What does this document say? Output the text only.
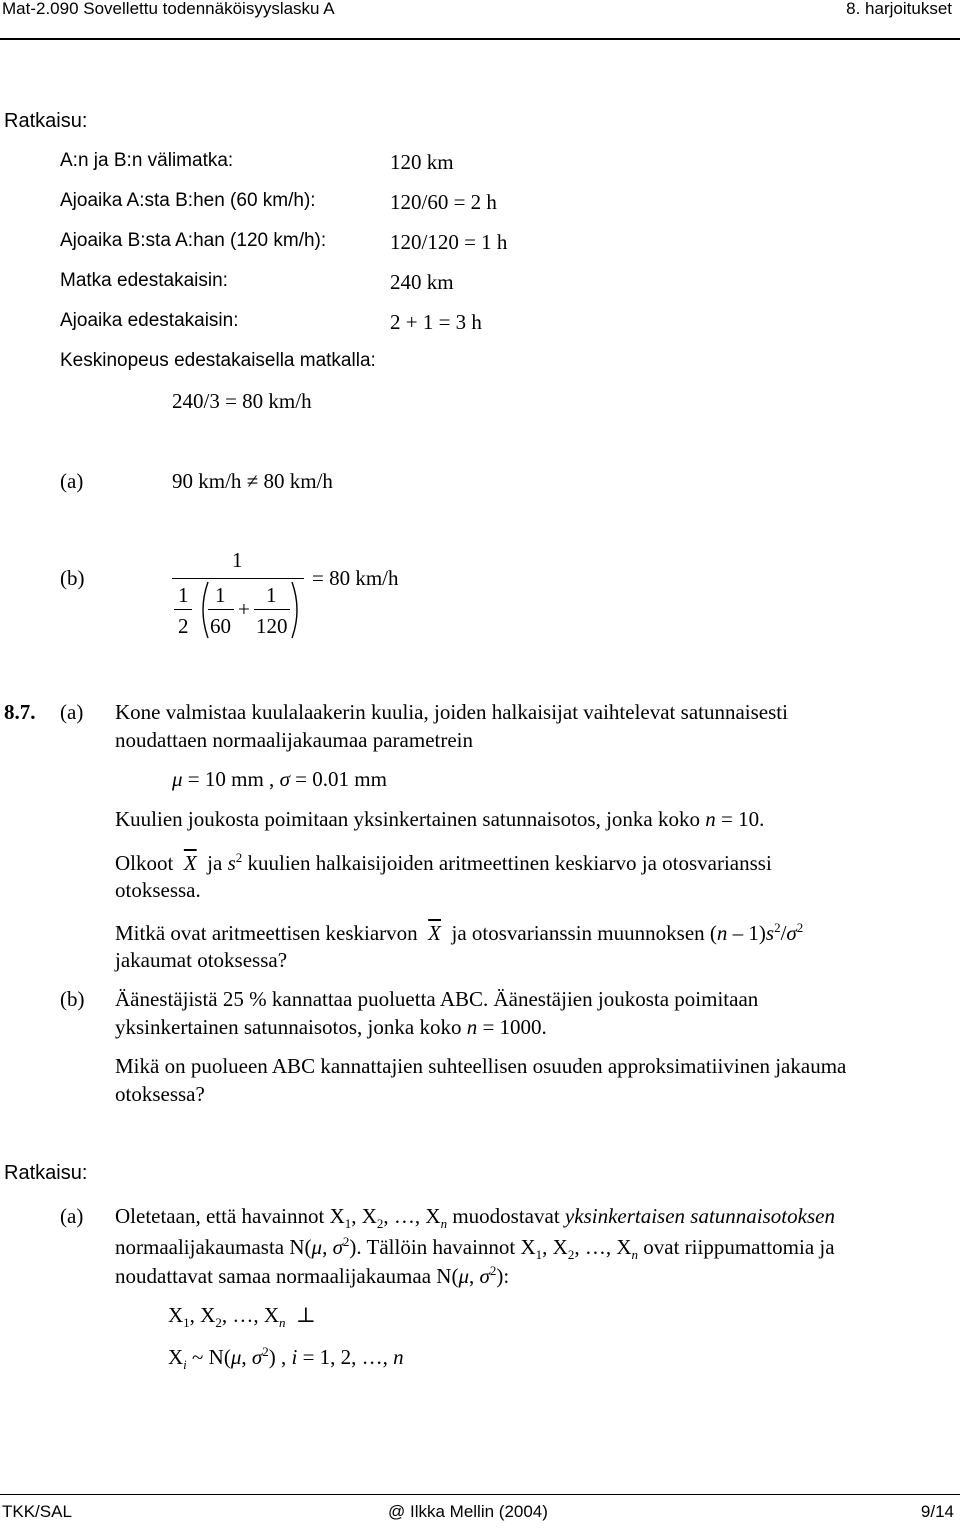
Mat-2.090 Sovellettu todennäköisyyslasku A	8. harjoitukset
Ratkaisu:
A:n ja B:n välimatka:	120 km
Ajoaika A:sta B:hen (60 km/h):	120/60 = 2 h
Ajoaika B:sta A:han (120 km/h):	120/120 = 1 h
Matka edestakaisin:	240 km
Ajoaika edestakaisin:	2 + 1 = 3 h
Keskinopeus edestakaisella matkalla:
240/3 = 80 km/h
(a)	90 km/h ≠ 80 km/h
(b)
1
1
2
1
60
+
1
120
= 80 km/h
8.7. (a) Kone valmistaa kuulalaakerin kuulia, joiden halkaisijat vaihtelevat satunnaisesti
noudattaen normaalijakaumaa parametrein
μ = 10 mm , σ = 0.01 mm
Kuulien joukosta poimitaan yksinkertainen satunnaisotos, jonka koko n = 10.
Olkoot $\overline{X}$ ja $s^2$ kuulien halkaisijoiden aritmeettinen keskiarvo ja otosvarianssi
otoksessa.
Mitkä ovat aritmeettisen keskiarvon $\overline{X}$ ja otosvarianssin muunnoksen $(n - 1)s^2/\sigma^2$
jakaumat otoksessa?
(b) Äänestäjistä 25 % kannattaa puoluetta ABC. Äänestäjien joukosta poimitaan
yksinkertainen satunnaisotos, jonka koko n = 1000.
Mikä on puolueen ABC kannattajien suhteellisen osuuden approksimatiivinen jakauma
otoksessa?
Ratkaisu:
(a) Oletetaan, että havainnot $X_1$, $X_2$, …, $X_n$ muodostavat yksinkertaisen satunnaisotoksen
normaalijakaumasta N(μ, $\sigma^2$). Tällöin havainnot $X_1$, $X_2$, …, $X_n$ ovat riippumattomia ja
noudattavat samaa normaalijakaumaa N(μ, $\sigma^2$):
$X_1$, $X_2$, …, $X_n$ ⊥
$X_i$ ~ N(μ, $\sigma^2$) , i = 1, 2, …, n
TKK/SAL	@ Ilkka Mellin (2004)	9/14
